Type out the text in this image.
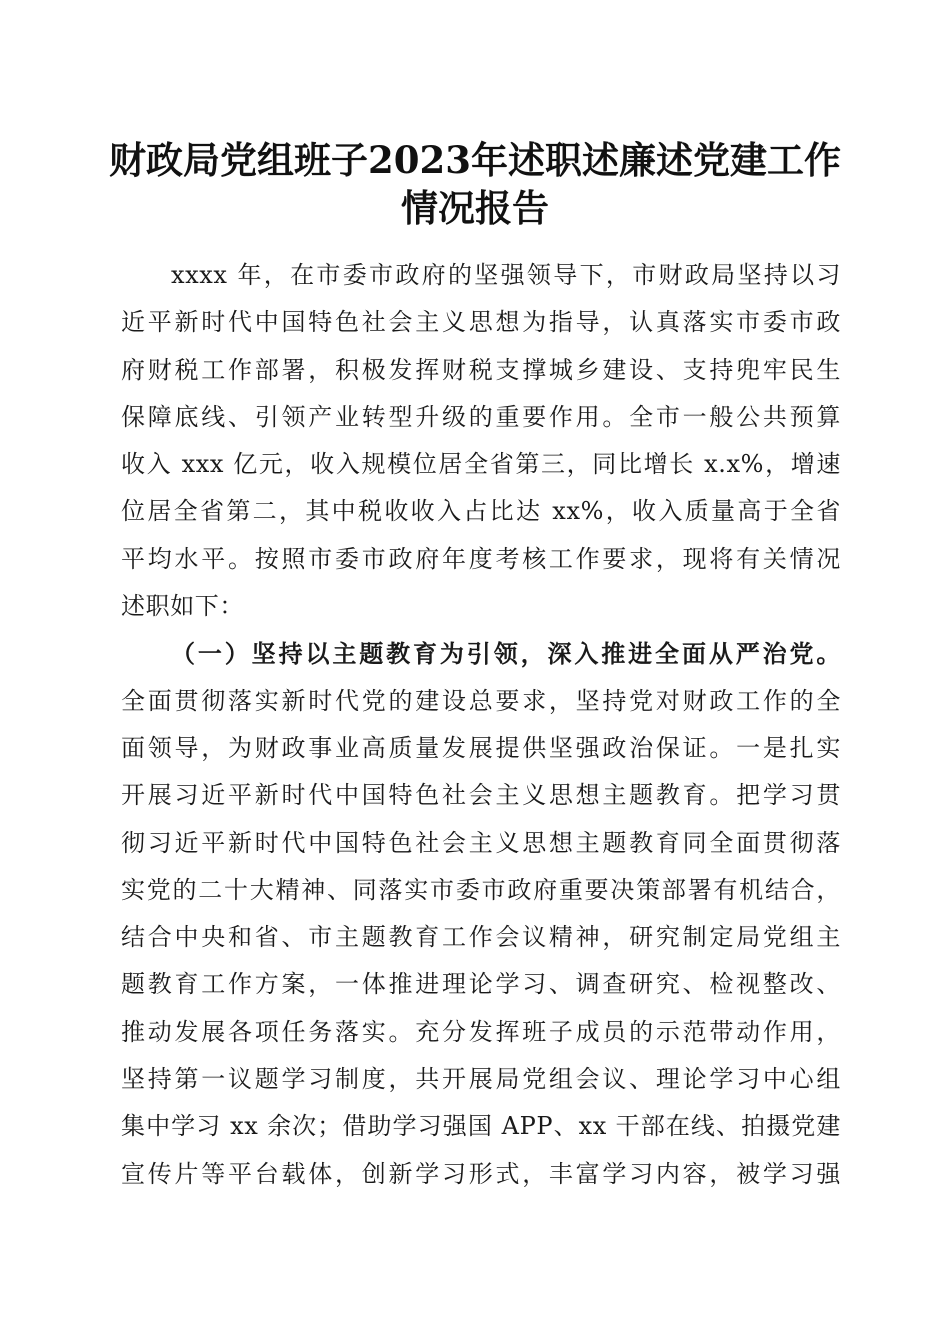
财政局党组班子2023年述职述廉述党建工作
情况报告
xxxx 年，在市委市政府的坚强领导下，市财政局坚持以习
近平新时代中国特色社会主义思想为指导，认真落实市委市政
府财税工作部署，积极发挥财税支撑城乡建设、支持兜牢民生
保障底线、引领产业转型升级的重要作用。全市一般公共预算
收入 xxx 亿元，收入规模位居全省第三，同比增长 x.x%，增速
位居全省第二，其中税收收入占比达 xx%，收入质量高于全省
平均水平。按照市委市政府年度考核工作要求，现将有关情况
述职如下：
（一）坚持以主题教育为引领，深入推进全面从严治党。
全面贯彻落实新时代党的建设总要求，坚持党对财政工作的全
面领导，为财政事业高质量发展提供坚强政治保证。一是扎实
开展习近平新时代中国特色社会主义思想主题教育。把学习贯
彻习近平新时代中国特色社会主义思想主题教育同全面贯彻落
实党的二十大精神、同落实市委市政府重要决策部署有机结合，
结合中央和省、市主题教育工作会议精神，研究制定局党组主
题教育工作方案，一体推进理论学习、调查研究、检视整改、
推动发展各项任务落实。充分发挥班子成员的示范带动作用，
坚持第一议题学习制度，共开展局党组会议、理论学习中心组
集中学习 xx 余次；借助学习强国 APP、xx 干部在线、拍摄党建
宣传片等平台载体，创新学习形式，丰富学习内容，被学习强
